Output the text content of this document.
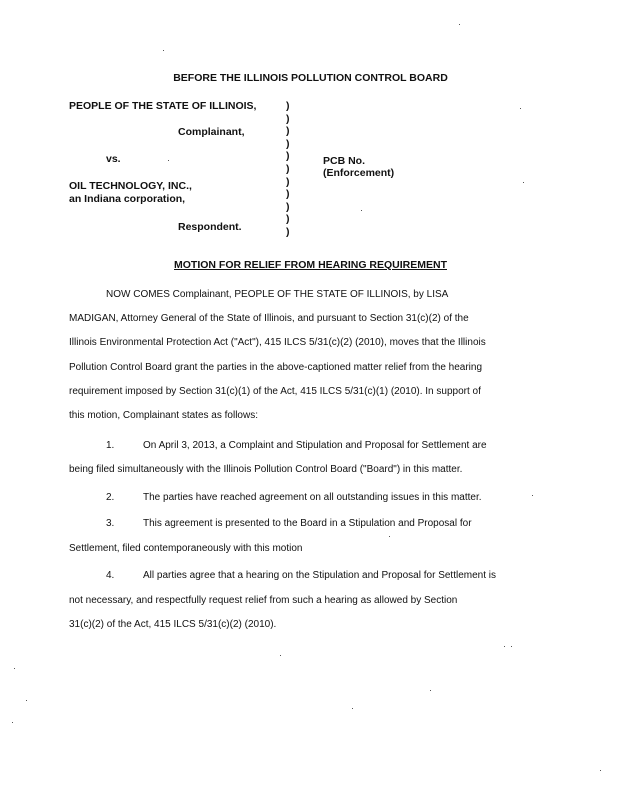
BEFORE THE ILLINOIS POLLUTION CONTROL BOARD
PEOPLE OF THE STATE OF ILLINOIS,
Complainant,
vs.
OIL TECHNOLOGY, INC.,
an Indiana corporation,
Respondent.
)
)
)
)
)
)
)
)
)
)
)
PCB No.
(Enforcement)
MOTION FOR RELIEF FROM HEARING REQUIREMENT
NOW COMES Complainant, PEOPLE OF THE STATE OF ILLINOIS, by LISA
MADIGAN, Attorney General of the State of Illinois, and pursuant to Section 31(c)(2) of the
Illinois Environmental Protection Act ("Act"), 415 ILCS 5/31(c)(2) (2010), moves that the Illinois
Pollution Control Board grant the parties in the above-captioned matter relief from the hearing
requirement imposed by Section 31(c)(1) of the Act, 415 ILCS 5/31(c)(1) (2010). In support of
this motion, Complainant states as follows:
1.	On April 3, 2013, a Complaint and Stipulation and Proposal for Settlement are
being filed simultaneously with the Illinois Pollution Control Board ("Board") in this matter.
2.	The parties have reached agreement on all outstanding issues in this matter.
3.	This agreement is presented to the Board in a Stipulation and Proposal for
Settlement, filed contemporaneously with this motion
4.	All parties agree that a hearing on the Stipulation and Proposal for Settlement is
not necessary, and respectfully request relief from such a hearing as allowed by Section
31(c)(2) of the Act, 415 ILCS 5/31(c)(2) (2010).
